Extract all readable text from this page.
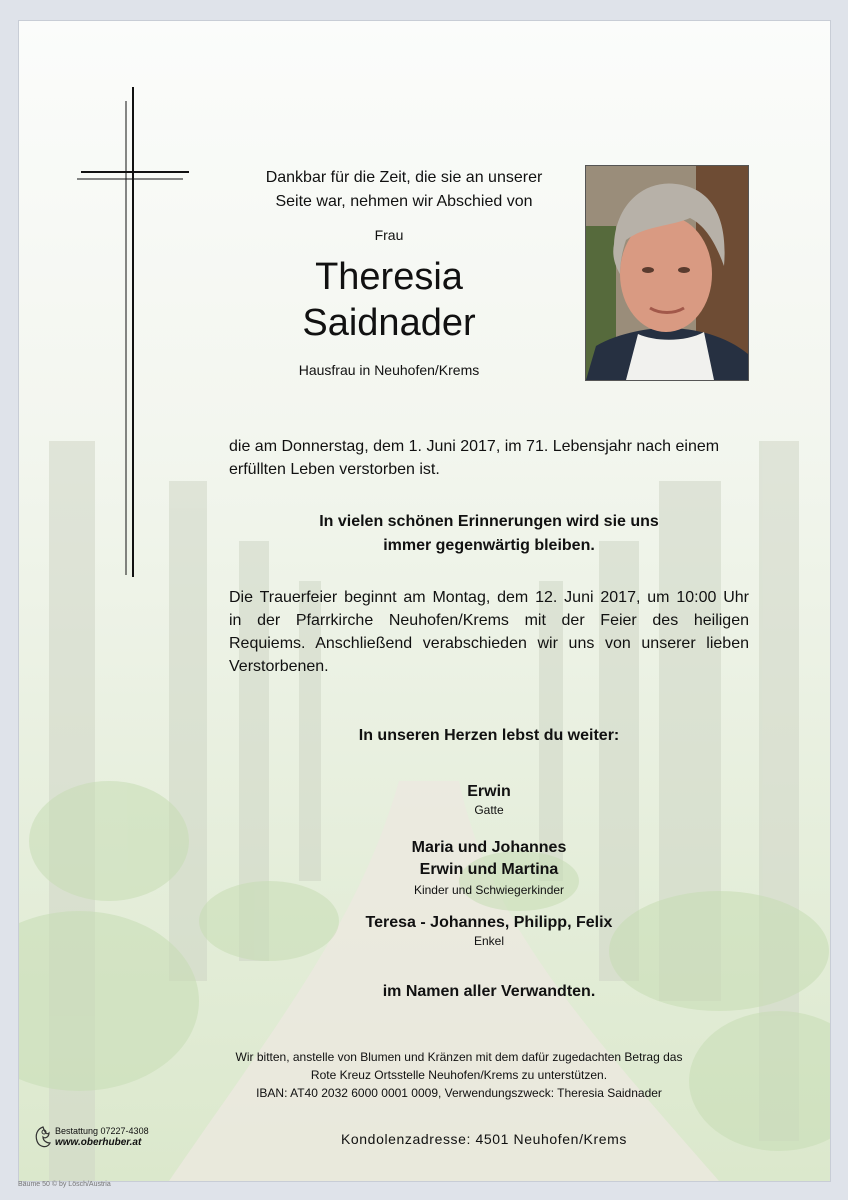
Dankbar für die Zeit, die sie an unserer
Seite war, nehmen wir Abschied von
Frau
Theresia
Saidnader
Hausfrau in Neuhofen/Krems
die am Donnerstag, dem 1. Juni 2017, im 71. Lebensjahr nach einem
erfüllten Leben verstorben ist.
In vielen schönen Erinnerungen wird sie uns
immer gegenwärtig bleiben.
Die Trauerfeier beginnt am Montag, dem 12. Juni 2017, um 10:00 Uhr
in der Pfarrkirche Neuhofen/Krems mit der Feier des heiligen
Requiems. Anschließend verabschieden wir uns von unserer lieben
Verstorbenen.
In unseren Herzen lebst du weiter:
Erwin
Gatte
Maria und Johannes
Erwin und Martina
Kinder und Schwiegerkinder
Teresa - Johannes, Philipp, Felix
Enkel
im Namen aller Verwandten.
Wir bitten, anstelle von Blumen und Kränzen mit dem dafür zugedachten Betrag das
Rote Kreuz Ortsstelle Neuhofen/Krems zu unterstützen.
IBAN: AT40 2032 6000 0001 0009, Verwendungszweck: Theresia Saidnader
Kondolenzadresse: 4501 Neuhofen/Krems
Bestattung 07227-4308
www.oberhuber.at
Bäume 50 © by Lösch/Austria
